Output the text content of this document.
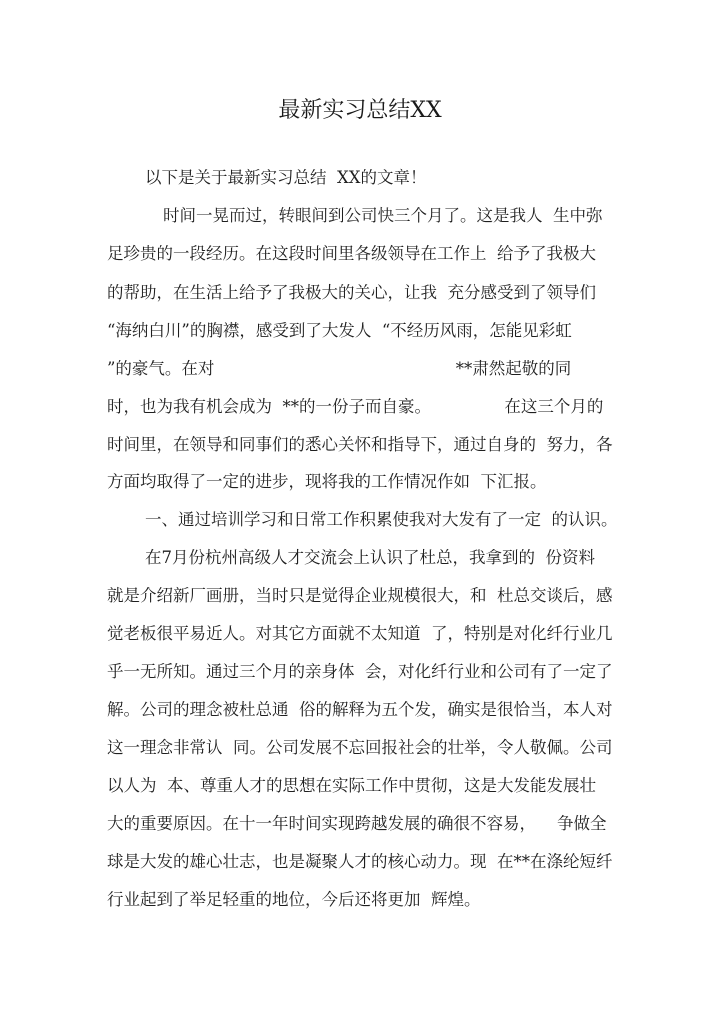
最新实习总结XX
以下是关于最新实习总结  XX的文章！
时间一晃而过，转眼间到公司快三个月了。这是我人  生中弥
足珍贵的一段经历。在这段时间里各级领导在工作上  给予了我极大
的帮助，在生活上给予了我极大的关心，让我  充分感受到了领导们
“海纳白川”的胸襟，感受到了大发人  “不经历风雨，怎能见彩虹
”的豪气。在对                                              **肃然起敬的同
时，也为我有机会成为  **的一份子而自豪。              在这三个月的
时间里，在领导和同事们的悉心关怀和指导下，通过自身的  努力，各
方面均取得了一定的进步，现将我的工作情况作如  下汇报。
一、通过培训学习和日常工作积累使我对大发有了一定  的认识。
在7月份杭州高级人才交流会上认识了杜总，我拿到的  份资料
就是介绍新厂画册，当时只是觉得企业规模很大，和  杜总交谈后，感
觉老板很平易近人。对其它方面就不太知道  了，特别是对化纤行业几
乎一无所知。通过三个月的亲身体  会，对化纤行业和公司有了一定了
解。公司的理念被杜总通  俗的解释为五个发，确实是很恰当，本人对
这一理念非常认  同。公司发展不忘回报社会的壮举，令人敬佩。公司
以人为  本、尊重人才的思想在实际工作中贯彻，这是大发能发展壮
大的重要原因。在十一年时间实现跨越发展的确很不容易，    争做全
球是大发的雄心壮志，也是凝聚人才的核心动力。现  在**在涤纶短纤
行业起到了举足轻重的地位，今后还将更加  辉煌。
